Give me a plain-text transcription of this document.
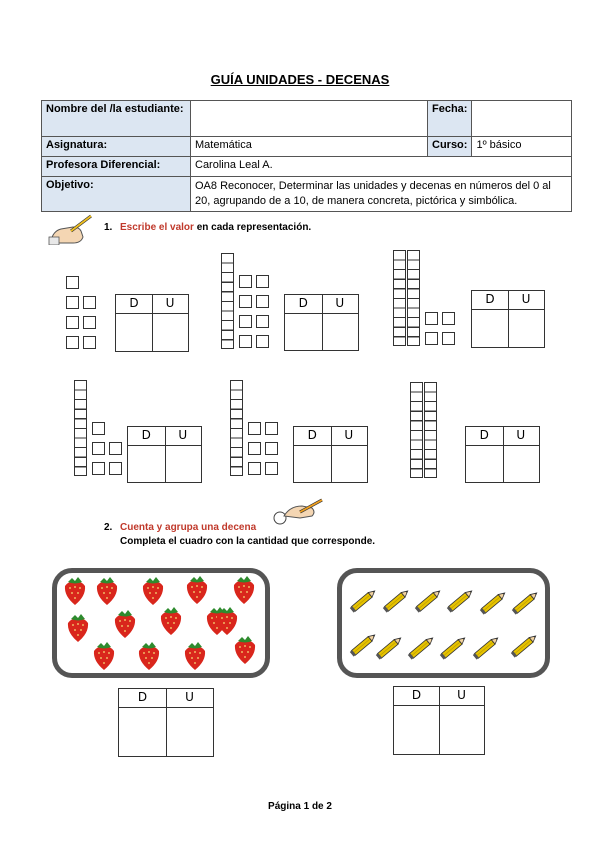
GUÍA UNIDADES - DECENAS
Nombre del /la estudiante:		Fecha:	
Asignatura:	Matemática	Curso:	1º básico
Profesora Diferencial:	Carolina Leal A.		
Objetivo:	OA8 Reconocer, Determinar las unidades y decenas en números del 0 al 20, agrupando de a 10, de manera concreta, pictórica y simbólica.		
1. Escribe el valor en cada representación.
D	U	D	U	D	U
D	U	D	U	D	U
2. Cuenta y agrupa una decena
Completa el cuadro con la cantidad que corresponde.
D	U	D	U
Página 1 de 2
